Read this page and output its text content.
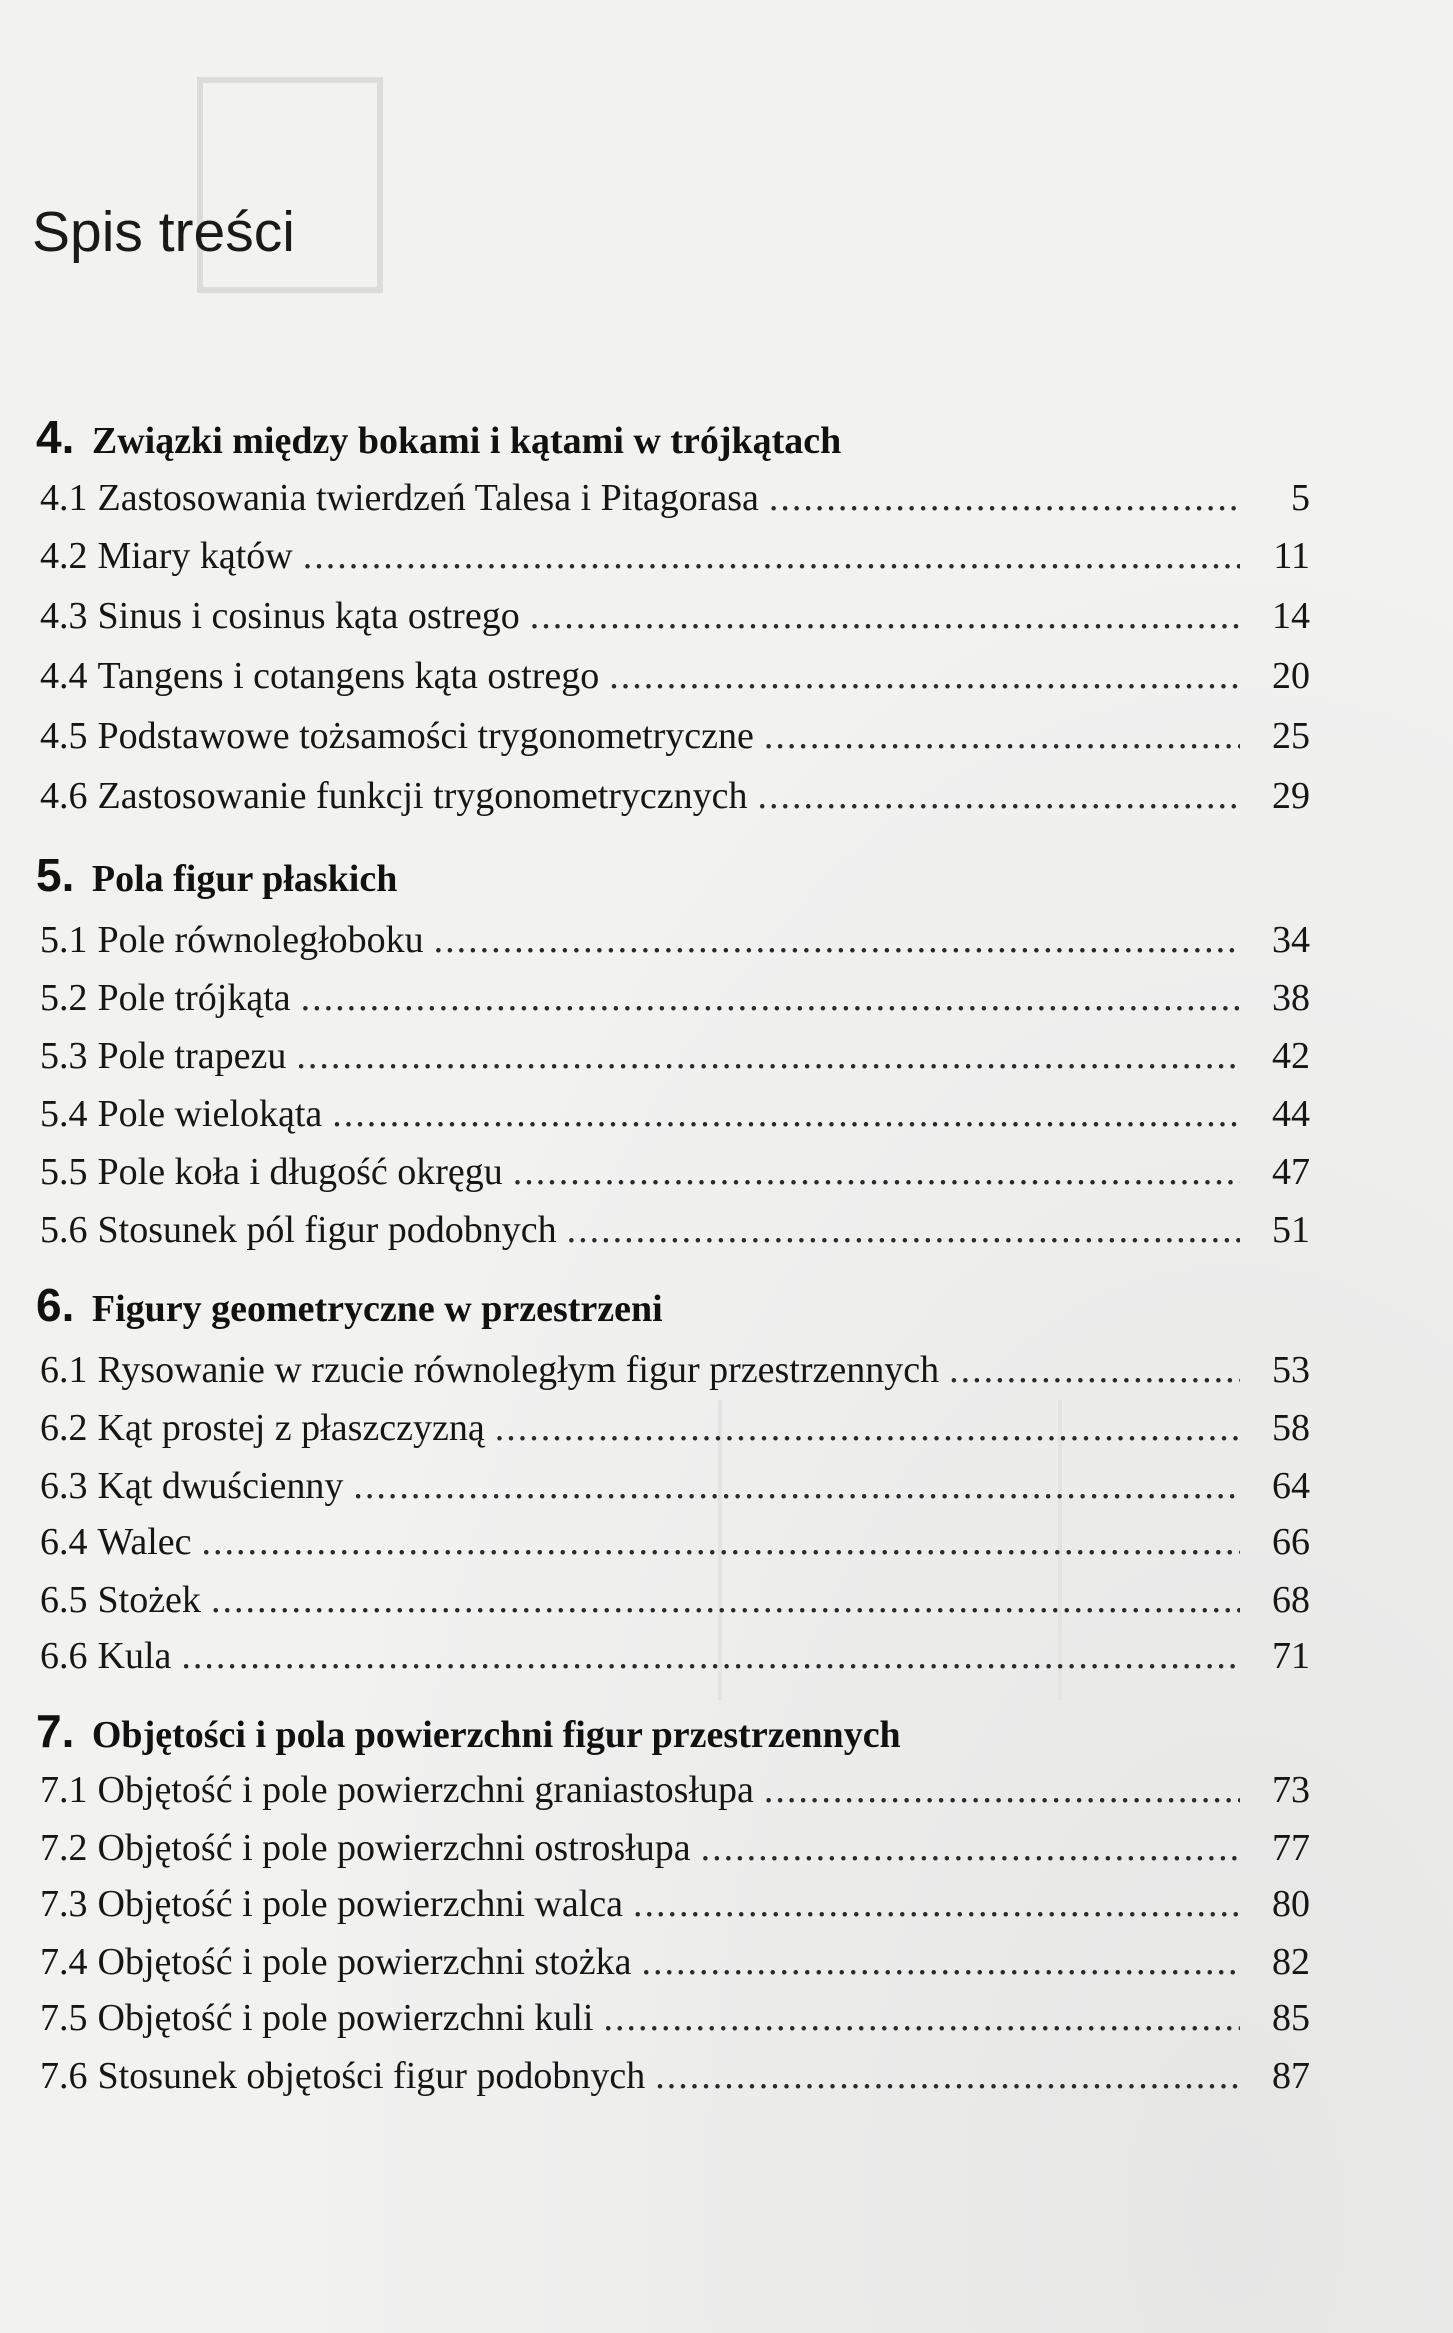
Spis treści
4. Związki między bokami i kątami w trójkątach
4.1 Zastosowania twierdzeń Talesa i Pitagorasa .....	5
4.2 Miary kątów .....	11
4.3 Sinus i cosinus kąta ostrego .....	14
4.4 Tangens i cotangens kąta ostrego .....	20
4.5 Podstawowe tożsamości trygonometryczne .....	25
4.6 Zastosowanie funkcji trygonometrycznych .....	29
5. Pola figur płaskich
5.1 Pole równoległoboku .....	34
5.2 Pole trójkąta .....	38
5.3 Pole trapezu .....	42
5.4 Pole wielokąta .....	44
5.5 Pole koła i długość okręgu .....	47
5.6 Stosunek pól figur podobnych .....	51
6. Figury geometryczne w przestrzeni
6.1 Rysowanie w rzucie równoległym figur przestrzennych .....	53
6.2 Kąt prostej z płaszczyzną .....	58
6.3 Kąt dwuścienny .....	64
6.4 Walec .....	66
6.5 Stożek .....	68
6.6 Kula .....	71
7. Objętości i pola powierzchni figur przestrzennych
7.1 Objętość i pole powierzchni graniastosłupa .....	73
7.2 Objętość i pole powierzchni ostrosłupa .....	77
7.3 Objętość i pole powierzchni walca .....	80
7.4 Objętość i pole powierzchni stożka .....	82
7.5 Objętość i pole powierzchni kuli .....	85
7.6 Stosunek objętości figur podobnych .....	87
